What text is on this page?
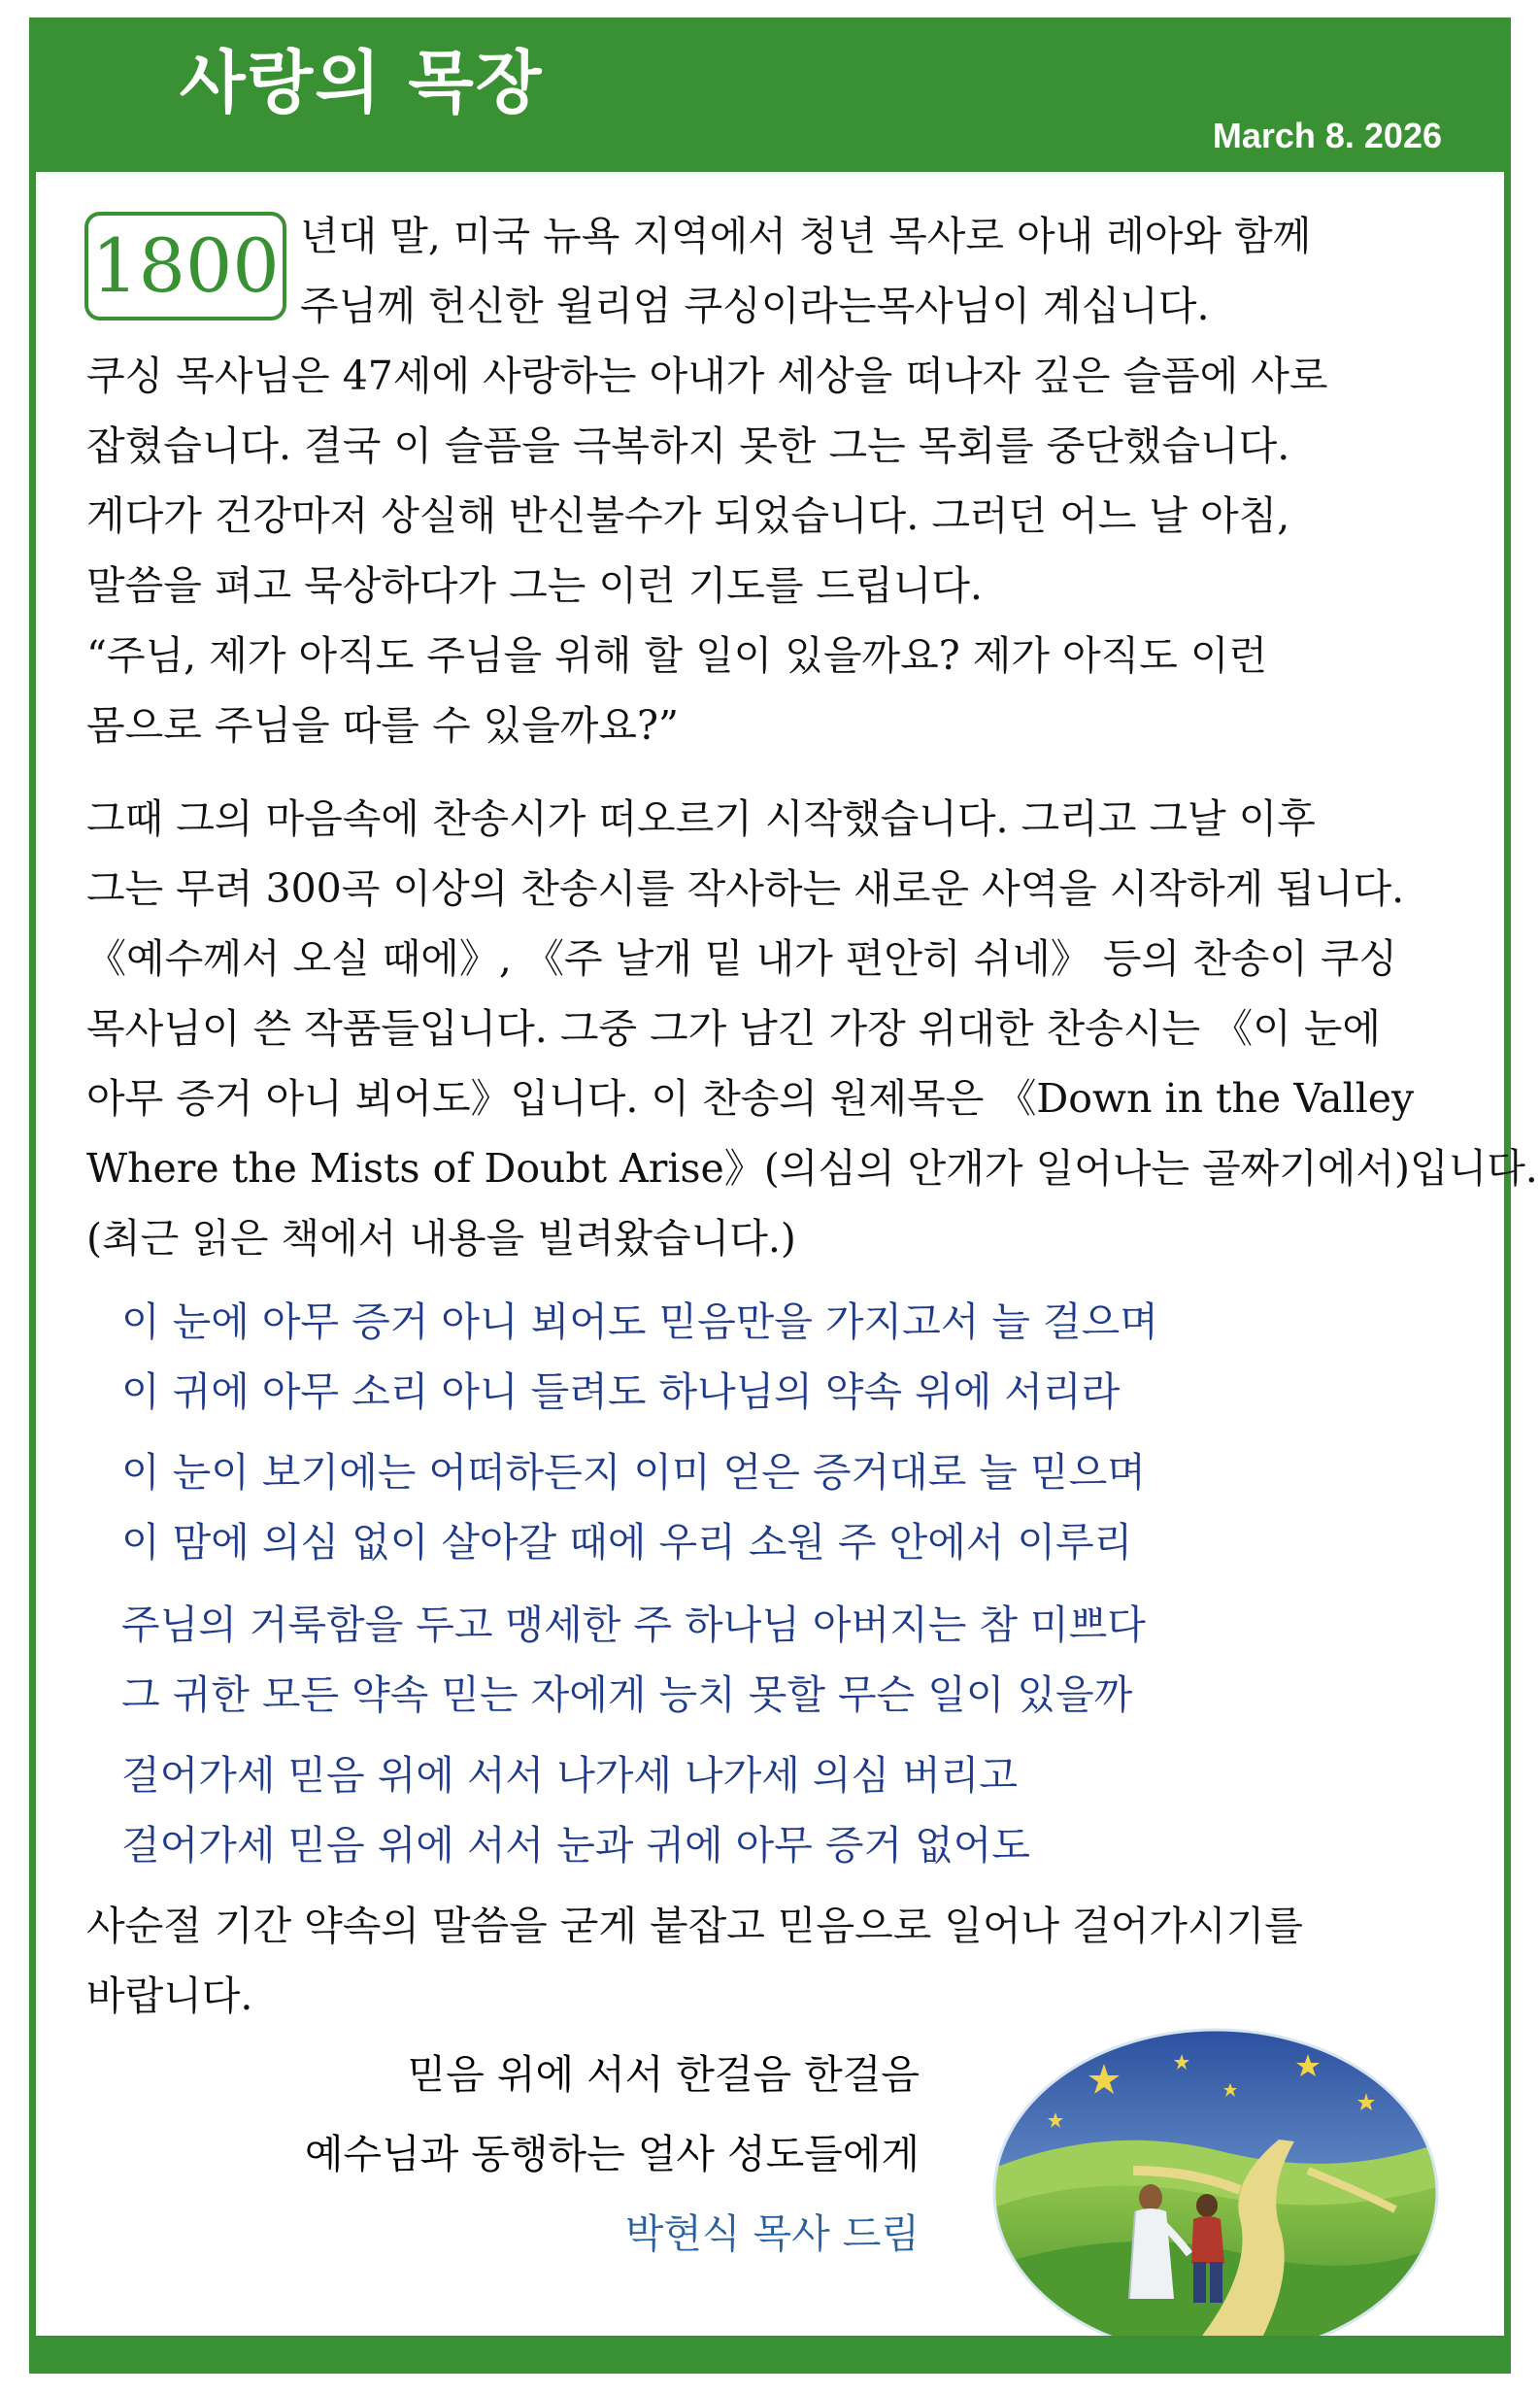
사랑의 목장
March 8. 2026
1800 년대 말, 미국 뉴욕 지역에서 청년 목사로 아내 레아와 함께
주님께 헌신한 윌리엄 쿠싱이라는목사님이 계십니다.
쿠싱 목사님은 47세에 사랑하는 아내가 세상을 떠나자 깊은 슬픔에 사로
잡혔습니다. 결국 이 슬픔을 극복하지 못한 그는 목회를 중단했습니다.
게다가 건강마저 상실해 반신불수가 되었습니다. 그러던 어느 날 아침,
말씀을 펴고 묵상하다가 그는 이런 기도를 드립니다.
“주님, 제가 아직도 주님을 위해 할 일이 있을까요? 제가 아직도 이런
몸으로 주님을 따를 수 있을까요?”
그때 그의 마음속에 찬송시가 떠오르기 시작했습니다. 그리고 그날 이후
그는 무려 300곡 이상의 찬송시를 작사하는 새로운 사역을 시작하게 됩니다.
《예수께서 오실 때에》, 《주 날개 밑 내가 편안히 쉬네》 등의 찬송이 쿠싱
목사님이 쓴 작품들입니다. 그중 그가 남긴 가장 위대한 찬송시는 《이 눈에
아무 증거 아니 뵈어도》입니다. 이 찬송의 원제목은 《Down in the Valley
Where the Mists of Doubt Arise》(의심의 안개가 일어나는 골짜기에서)입니다.
(최근 읽은 책에서 내용을 빌려왔습니다.)
이 눈에 아무 증거 아니 뵈어도 믿음만을 가지고서 늘 걸으며
이 귀에 아무 소리 아니 들려도 하나님의 약속 위에 서리라
이 눈이 보기에는 어떠하든지 이미 얻은 증거대로 늘 믿으며
이 맘에 의심 없이 살아갈 때에 우리 소원 주 안에서 이루리
주님의 거룩함을 두고 맹세한 주 하나님 아버지는 참 미쁘다
그 귀한 모든 약속 믿는 자에게 능치 못할 무슨 일이 있을까
걸어가세 믿음 위에 서서 나가세 나가세 의심 버리고
걸어가세 믿음 위에 서서 눈과 귀에 아무 증거 없어도
사순절 기간 약속의 말씀을 굳게 붙잡고 믿음으로 일어나 걸어가시기를
바랍니다.
믿음 위에 서서 한걸음 한걸음
예수님과 동행하는 얼사 성도들에게
박현식 목사 드림
